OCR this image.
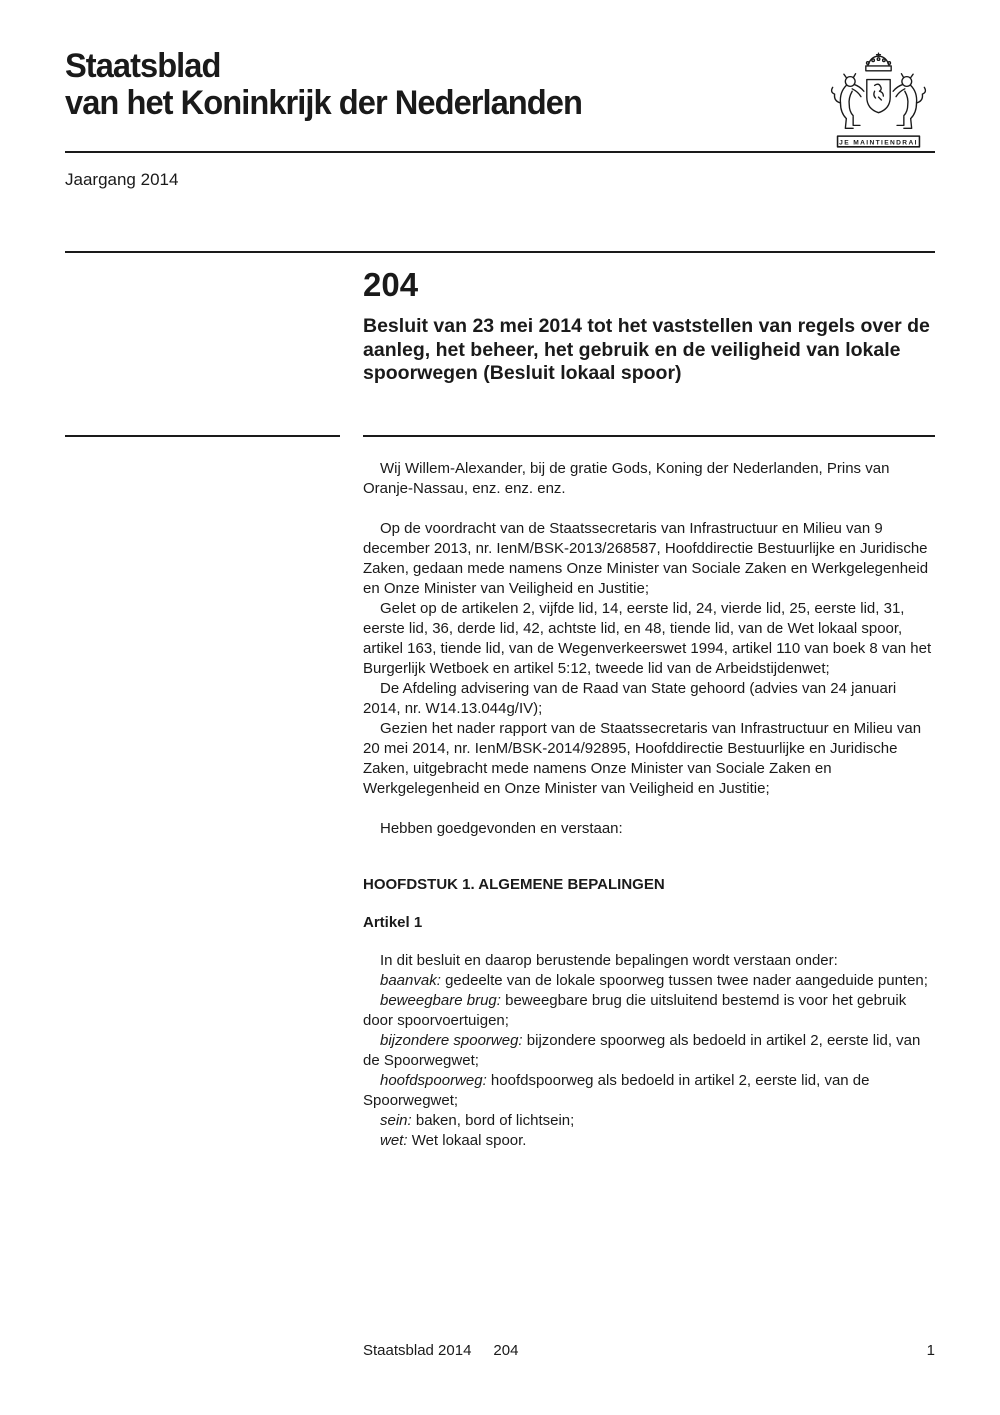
Staatsblad
van het Koninkrijk der Nederlanden
JE MAINTIENDRAI
Jaargang 2014
204
Besluit van 23 mei 2014 tot het vaststellen van regels over de aanleg, het beheer, het gebruik en de veiligheid van lokale spoorwegen (Besluit lokaal spoor)

Wij Willem-Alexander, bij de gratie Gods, Koning der Nederlanden, Prins van Oranje-Nassau, enz. enz. enz.

Op de voordracht van de Staatssecretaris van Infrastructuur en Milieu van 9 december 2013, nr. IenM/BSK-2013/268587, Hoofddirectie Bestuurlijke en Juridische Zaken, gedaan mede namens Onze Minister van Sociale Zaken en Werkgelegenheid en Onze Minister van Veiligheid en Justitie;

Gelet op de artikelen 2, vijfde lid, 14, eerste lid, 24, vierde lid, 25, eerste lid, 31, eerste lid, 36, derde lid, 42, achtste lid, en 48, tiende lid, van de Wet lokaal spoor, artikel 163, tiende lid, van de Wegenverkeerswet 1994, artikel 110 van boek 8 van het Burgerlijk Wetboek en artikel 5:12, tweede lid van de Arbeidstijdenwet;

De Afdeling advisering van de Raad van State gehoord (advies van 24 januari 2014, nr. W14.13.044g/IV);

Gezien het nader rapport van de Staatssecretaris van Infrastructuur en Milieu van 20 mei 2014, nr. IenM/BSK-2014/92895, Hoofddirectie Bestuurlijke en Juridische Zaken, uitgebracht mede namens Onze Minister van Sociale Zaken en Werkgelegenheid en Onze Minister van Veiligheid en Justitie;

Hebben goedgevonden en verstaan:

HOOFDSTUK 1. ALGEMENE BEPALINGEN

Artikel 1

In dit besluit en daarop berustende bepalingen wordt verstaan onder:

baanvak: gedeelte van de lokale spoorweg tussen twee nader aangeduide punten;

beweegbare brug: beweegbare brug die uitsluitend bestemd is voor het gebruik door spoorvoertuigen;

bijzondere spoorweg: bijzondere spoorweg als bedoeld in artikel 2, eerste lid, van de Spoorwegwet;

hoofdspoorweg: hoofdspoorweg als bedoeld in artikel 2, eerste lid, van de Spoorwegwet;

sein: baken, bord of lichtsein;

wet: Wet lokaal spoor.

Staatsblad 2014 204	1
